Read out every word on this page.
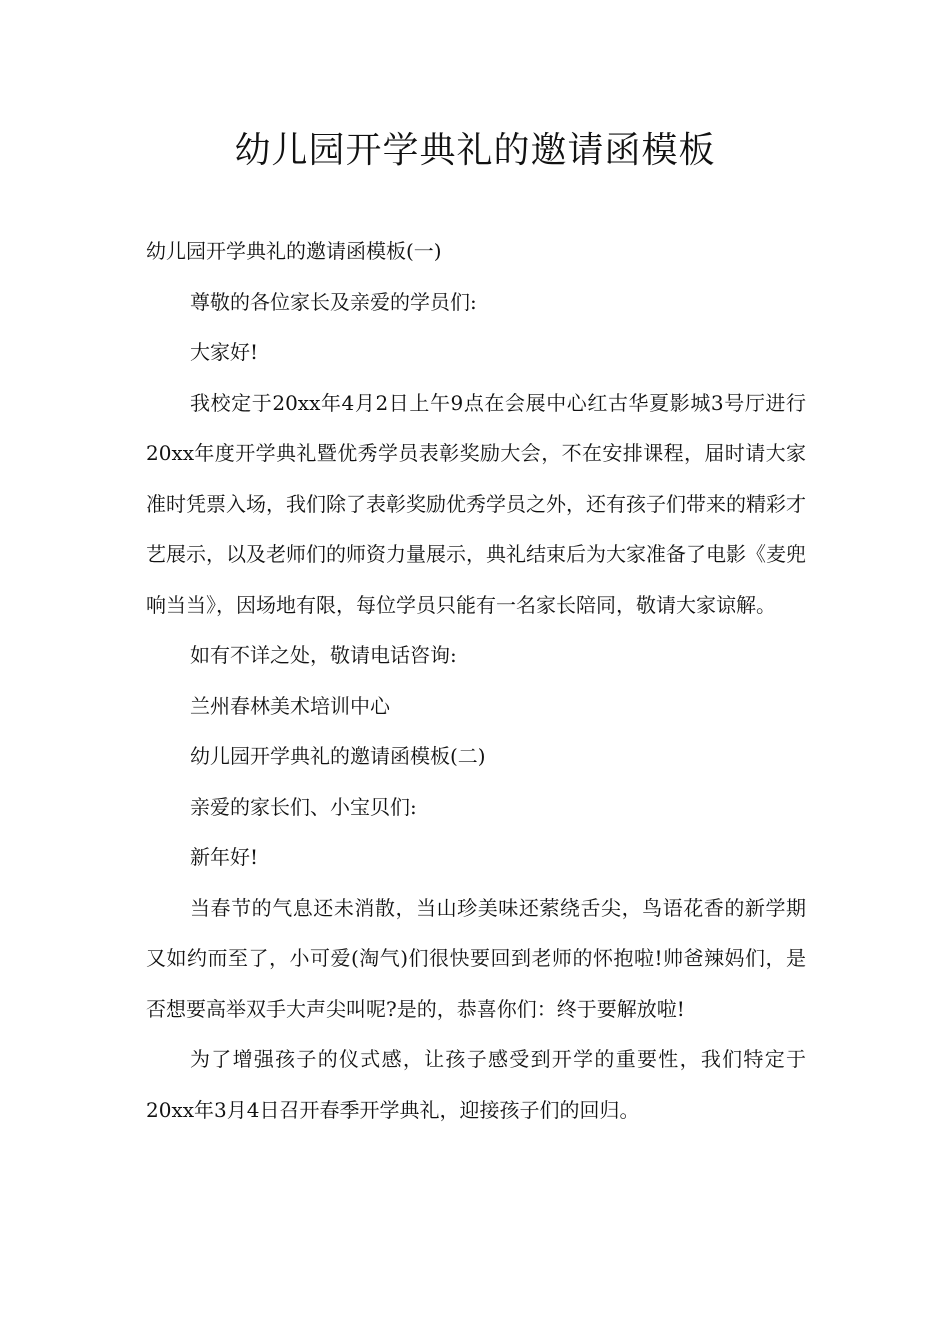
幼儿园开学典礼的邀请函模板

幼儿园开学典礼的邀请函模板(一)

尊敬的各位家长及亲爱的学员们:

大家好!

我校定于20xx年4月2日上午9点在会展中心红古华夏影城3号厅进行20xx年度开学典礼暨优秀学员表彰奖励大会，不在安排课程，届时请大家准时凭票入场，我们除了表彰奖励优秀学员之外，还有孩子们带来的精彩才艺展示，以及老师们的师资力量展示，典礼结束后为大家准备了电影《麦兜响当当》，因场地有限，每位学员只能有一名家长陪同，敬请大家谅解。

如有不详之处，敬请电话咨询:

兰州春林美术培训中心

幼儿园开学典礼的邀请函模板(二)

亲爱的家长们、小宝贝们:

新年好!

当春节的气息还未消散，当山珍美味还萦绕舌尖，鸟语花香的新学期又如约而至了，小可爱(淘气)们很快要回到老师的怀抱啦!帅爸辣妈们，是否想要高举双手大声尖叫呢?是的，恭喜你们：终于要解放啦!

为了增强孩子的仪式感，让孩子感受到开学的重要性，我们特定于20xx年3月4日召开春季开学典礼，迎接孩子们的回归。
